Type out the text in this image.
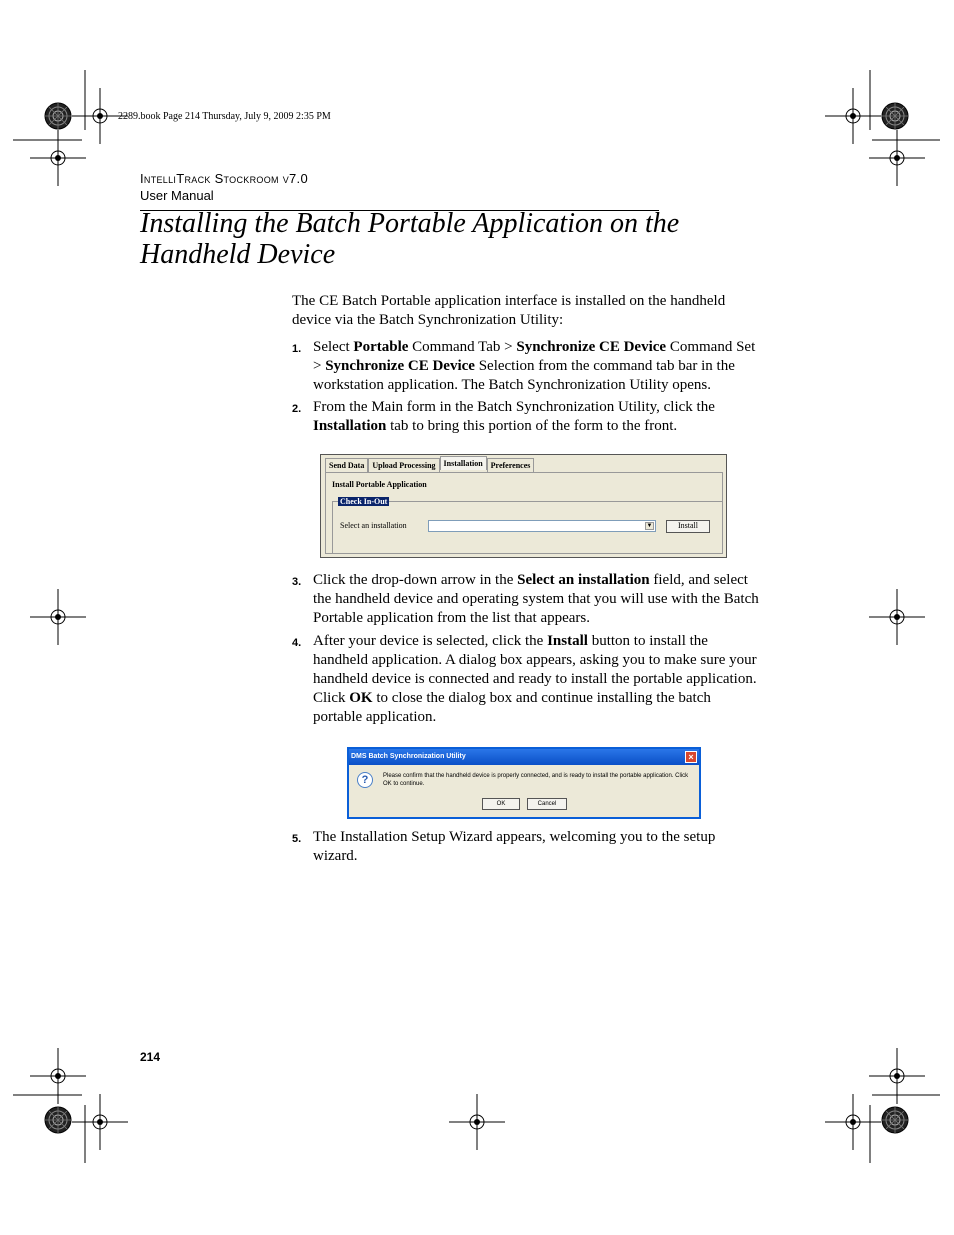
2289.book Page 214 Thursday, July 9, 2009 2:35 PM
IntelliTrack Stockroom v7.0
User Manual
Installing the Batch Portable Application on the Handheld Device
The CE Batch Portable application interface is installed on the handheld device via the Batch Synchronization Utility:
1. Select Portable Command Tab > Synchronize CE Device Command Set > Synchronize CE Device Selection from the command tab bar in the workstation application. The Batch Synchronization Utility opens.
2. From the Main form in the Batch Synchronization Utility, click the Installation tab to bring this portion of the form to the front.
Send Data	Upload Processing	Installation	Preferences
Install Portable Application
Check In-Out
Select an installation	▼	Install
3. Click the drop-down arrow in the Select an installation field, and select the handheld device and operating system that you will use with the Batch Portable application from the list that appears.
4. After your device is selected, click the Install button to install the handheld application. A dialog box appears, asking you to make sure your handheld device is connected and ready to install the portable application. Click OK to close the dialog box and continue installing the batch portable application.
DMS Batch Synchronization Utility	×
?	Please confirm that the handheld device is properly connected, and is ready to install the portable application. Click OK to continue.
OK	Cancel
5. The Installation Setup Wizard appears, welcoming you to the setup wizard.
214
